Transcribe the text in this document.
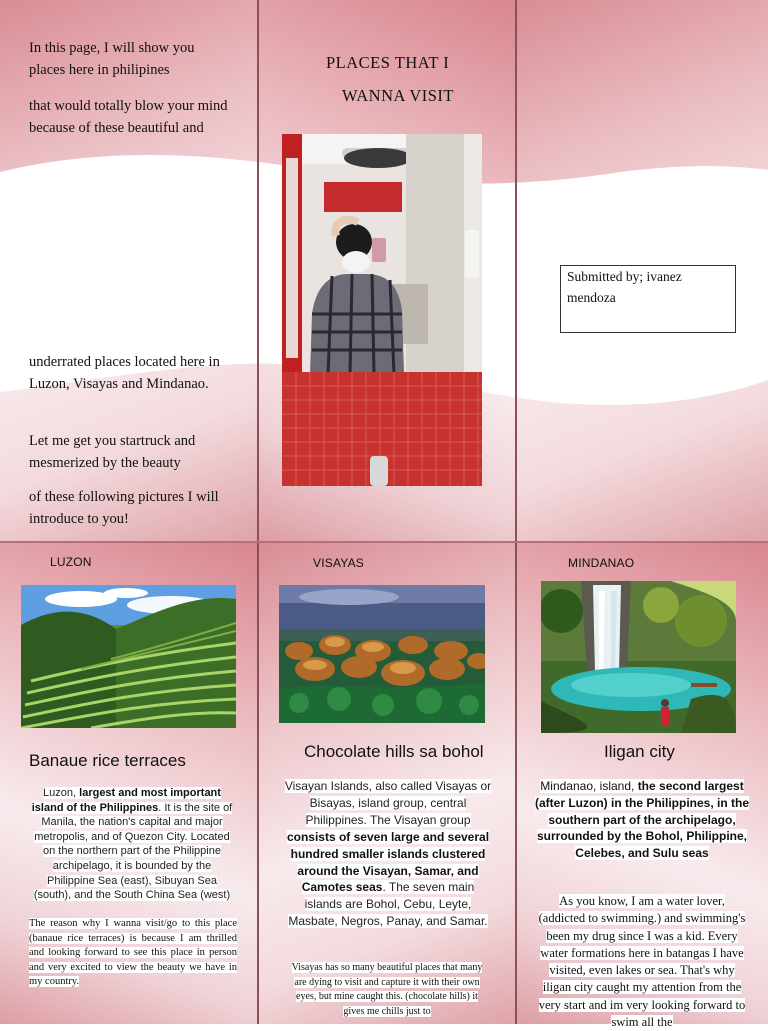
In this page, I will show you places here in philipines
that would totally blow your mind because of these beautiful and
underrated places located here in Luzon, Visayas and Mindanao.
Let me get you startruck and mesmerized by the beauty
of these following pictures I will introduce to you!
PLACES THAT I
WANNA VISIT
Submitted by; ivanez mendoza
LUZON
Banaue rice terraces
Luzon, largest and most important island of the Philippines. It is the site of Manila, the nation's capital and major metropolis, and of Quezon City. Located on the northern part of the Philippine archipelago, it is bounded by the Philippine Sea (east), Sibuyan Sea (south), and the South China Sea (west)
The reason why I wanna visit/go to this place (banaue rice terraces) is because I am thrilled and looking forward to see this place in person and very excited to view the beauty we have in my country.
VISAYAS
Chocolate hills sa bohol
Visayan Islands, also called Visayas or Bisayas, island group, central Philippines. The Visayan group consists of seven large and several hundred smaller islands clustered around the Visayan, Samar, and Camotes seas. The seven main islands are Bohol, Cebu, Leyte, Masbate, Negros, Panay, and Samar.
Visayas has so many beautiful places that many are dying to visit and capture it with their own eyes, but mine caught this. (chocolate hills) it gives me chills just to
MINDANAO
Iligan city
Mindanao, island, the second largest (after Luzon) in the Philippines, in the southern part of the archipelago, surrounded by the Bohol, Philippine, Celebes, and Sulu seas
As you know, I am a water lover, (addicted to swimming.) and swimming's been my drug since I was a kid. Every water formations here in batangas I have visited, even lakes or sea. That's why iligan city caught my attention from the very start and im very looking forward to swim all the
